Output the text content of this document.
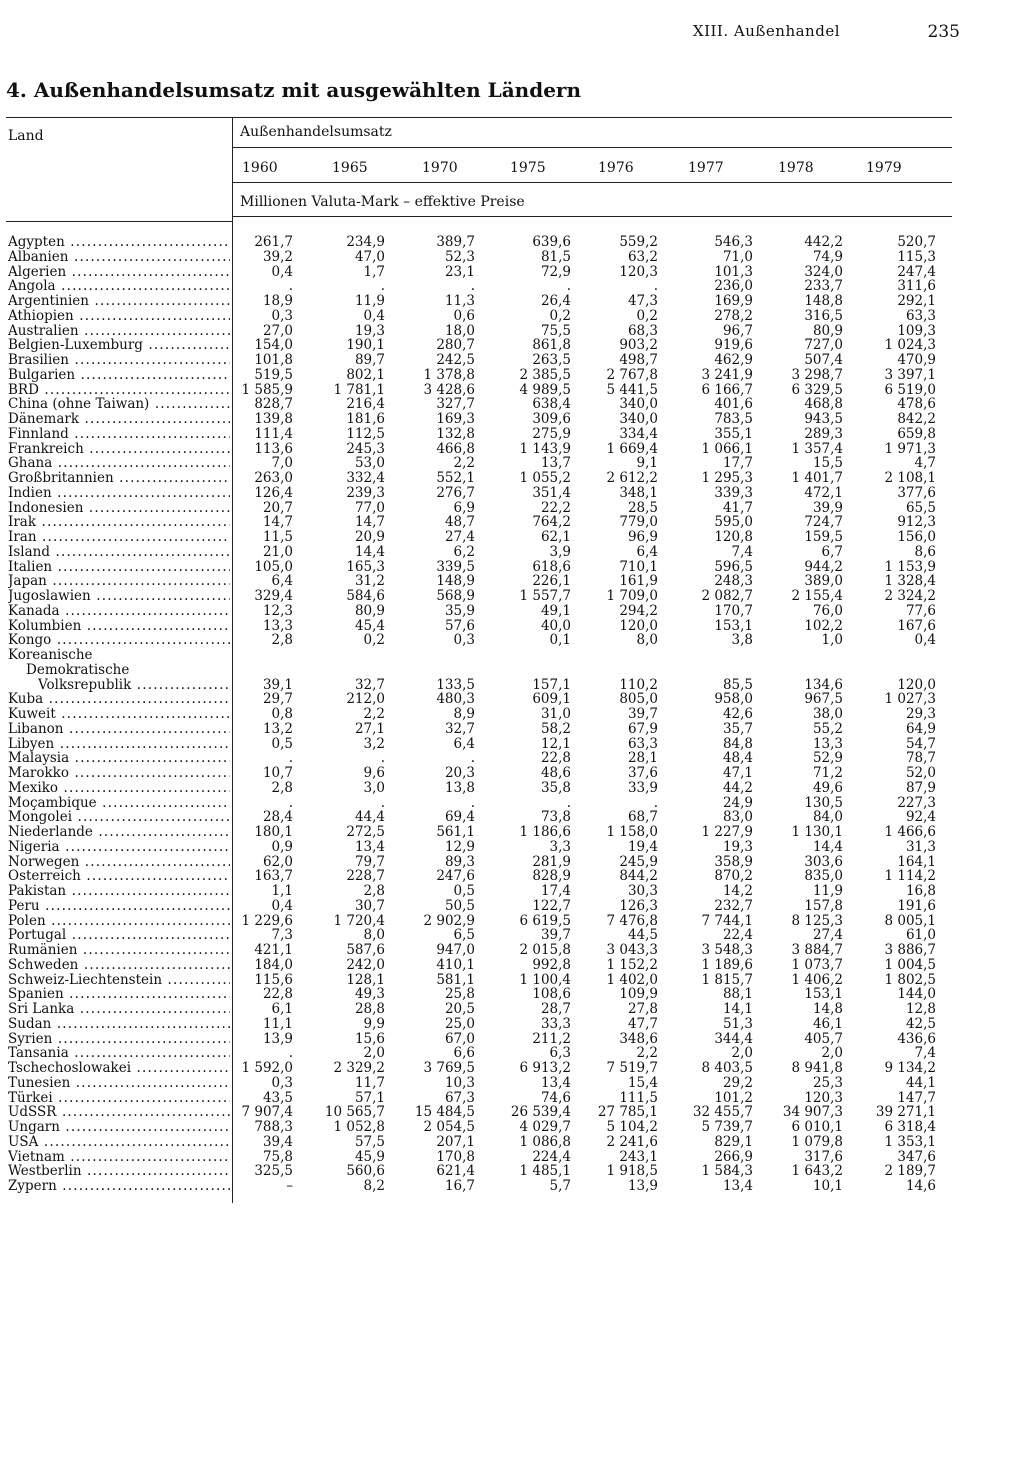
XIII. Außenhandel	235
4. Außenhandelsumsatz mit ausgewählten Ländern
Land	Außenhandelsumsatz
1960	1965	1970	1975	1976	1977	1978	1979
Millionen Valuta-Mark – effektive Preise
Ägypten .....	261,7	234,9	389,7	639,6	559,2	546,3	442,2	520,7
Albanien .....	39,2	47,0	52,3	81,5	63,2	71,0	74,9	115,3
Algerien .....	0,4	1,7	23,1	72,9	120,3	101,3	324,0	247,4
Angola .....	.	.	.	.	.	236,0	233,7	311,6
Argentinien .....	18,9	11,9	11,3	26,4	47,3	169,9	148,8	292,1
Äthiopien .....	0,3	0,4	0,6	0,2	0,2	278,2	316,5	63,3
Australien .....	27,0	19,3	18,0	75,5	68,3	96,7	80,9	109,3
Belgien-Luxemburg .....	154,0	190,1	280,7	861,8	903,2	919,6	727,0	1 024,3
Brasilien .....	101,8	89,7	242,5	263,5	498,7	462,9	507,4	470,9
Bulgarien .....	519,5	802,1	1 378,8	2 385,5	2 767,8	3 241,9	3 298,7	3 397,1
BRD .....	1 585,9	1 781,1	3 428,6	4 989,5	5 441,5	6 166,7	6 329,5	6 519,0
China (ohne Taiwan) .....	828,7	216,4	327,7	638,4	340,0	401,6	468,8	478,6
Dänemark .....	139,8	181,6	169,3	309,6	340,0	783,5	943,5	842,2
Finnland .....	111,4	112,5	132,8	275,9	334,4	355,1	289,3	659,8
Frankreich .....	113,6	245,3	466,8	1 143,9	1 669,4	1 066,1	1 357,4	1 971,3
Ghana .....	7,0	53,0	2,2	13,7	9,1	17,7	15,5	4,7
Großbritannien .....	263,0	332,4	552,1	1 055,2	2 612,2	1 295,3	1 401,7	2 108,1
Indien .....	126,4	239,3	276,7	351,4	348,1	339,3	472,1	377,6
Indonesien .....	20,7	77,0	6,9	22,2	28,5	41,7	39,9	65,5
Irak .....	14,7	14,7	48,7	764,2	779,0	595,0	724,7	912,3
Iran .....	11,5	20,9	27,4	62,1	96,9	120,8	159,5	156,0
Island .....	21,0	14,4	6,2	3,9	6,4	7,4	6,7	8,6
Italien .....	105,0	165,3	339,5	618,6	710,1	596,5	944,2	1 153,9
Japan .....	6,4	31,2	148,9	226,1	161,9	248,3	389,0	1 328,4
Jugoslawien .....	329,4	584,6	568,9	1 557,7	1 709,0	2 082,7	2 155,4	2 324,2
Kanada .....	12,3	80,9	35,9	49,1	294,2	170,7	76,0	77,6
Kolumbien .....	13,3	45,4	57,6	40,0	120,0	153,1	102,2	167,6
Kongo .....	2,8	0,2	0,3	0,1	8,0	3,8	1,0	0,4
Koreanische
Demokratische
Volksrepublik .....	39,1	32,7	133,5	157,1	110,2	85,5	134,6	120,0
Kuba .....	29,7	212,0	480,3	609,1	805,0	958,0	967,5	1 027,3
Kuweit .....	0,8	2,2	8,9	31,0	39,7	42,6	38,0	29,3
Libanon .....	13,2	27,1	32,7	58,2	67,9	35,7	55,2	64,9
Libyen .....	0,5	3,2	6,4	12,1	63,3	84,8	13,3	54,7
Malaysia .....	.	.	.	22,8	28,1	48,4	52,9	78,7
Marokko .....	10,7	9,6	20,3	48,6	37,6	47,1	71,2	52,0
Mexiko .....	2,8	3,0	13,8	35,8	33,9	44,2	49,6	87,9
Moçambique .....	.	.	.	.	.	24,9	130,5	227,3
Mongolei .....	28,4	44,4	69,4	73,8	68,7	83,0	84,0	92,4
Niederlande .....	180,1	272,5	561,1	1 186,6	1 158,0	1 227,9	1 130,1	1 466,6
Nigeria .....	0,9	13,4	12,9	3,3	19,4	19,3	14,4	31,3
Norwegen .....	62,0	79,7	89,3	281,9	245,9	358,9	303,6	164,1
Österreich .....	163,7	228,7	247,6	828,9	844,2	870,2	835,0	1 114,2
Pakistan .....	1,1	2,8	0,5	17,4	30,3	14,2	11,9	16,8
Peru .....	0,4	30,7	50,5	122,7	126,3	232,7	157,8	191,6
Polen .....	1 229,6	1 720,4	2 902,9	6 619,5	7 476,8	7 744,1	8 125,3	8 005,1
Portugal .....	7,3	8,0	6,5	39,7	44,5	22,4	27,4	61,0
Rumänien .....	421,1	587,6	947,0	2 015,8	3 043,3	3 548,3	3 884,7	3 886,7
Schweden .....	184,0	242,0	410,1	992,8	1 152,2	1 189,6	1 073,7	1 004,5
Schweiz-Liechtenstein .....	115,6	128,1	581,1	1 100,4	1 402,0	1 815,7	1 406,2	1 802,5
Spanien .....	22,8	49,3	25,8	108,6	109,9	88,1	153,1	144,0
Sri Lanka .....	6,1	28,8	20,5	28,7	27,8	14,1	14,8	12,8
Sudan .....	11,1	9,9	25,0	33,3	47,7	51,3	46,1	42,5
Syrien .....	13,9	15,6	67,0	211,2	348,6	344,4	405,7	436,6
Tansania .....	.	2,0	6,6	6,3	2,2	2,0	2,0	7,4
Tschechoslowakei .....	1 592,0	2 329,2	3 769,5	6 913,2	7 519,7	8 403,5	8 941,8	9 134,2
Tunesien .....	0,3	11,7	10,3	13,4	15,4	29,2	25,3	44,1
Türkei .....	43,5	57,1	67,3	74,6	111,5	101,2	120,3	147,7
UdSSR .....	7 907,4	10 565,7	15 484,5	26 539,4	27 785,1	32 455,7	34 907,3	39 271,1
Ungarn .....	788,3	1 052,8	2 054,5	4 029,7	5 104,2	5 739,7	6 010,1	6 318,4
USA .....	39,4	57,5	207,1	1 086,8	2 241,6	829,1	1 079,8	1 353,1
Vietnam .....	75,8	45,9	170,8	224,4	243,1	266,9	317,6	347,6
Westberlin .....	325,5	560,6	621,4	1 485,1	1 918,5	1 584,3	1 643,2	2 189,7
Zypern .....	–	8,2	16,7	5,7	13,9	13,4	10,1	14,6
